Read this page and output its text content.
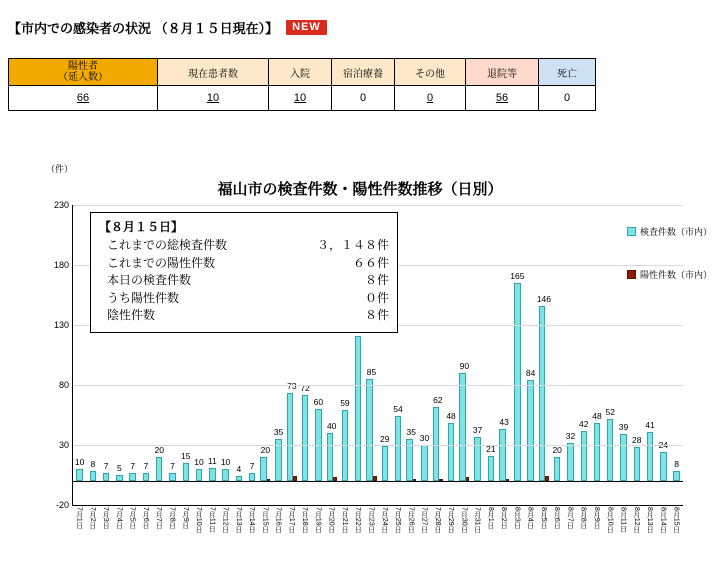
【市内での感染者の状況 （８月１５日現在）】	NEW
陽性者
（延人数）	現在患者数	入院	宿泊療養	その他	退院等	死亡
66	10	10	0	0	56	0
（件）
福山市の検査件数・陽性件数推移（日別）
10 8 7 5 7 7
20
7
15
10 11 10
4 7
20
35
73 72
60
40
59
85
29
54
35
30
62
48
90
37
21
43
165
84
146
20
32
42
48 52
39
28
41
24
8
-20
30
80
130
180
230
7月1日 7月2日 7月3日 7月4日 7月5日 7月6日 7月7日 7月8日 7月9日 7月10日 7月11日 7月12日 7月13日 7月14日 7月15日 7月16日 7月17日 7月18日 7月19日 7月20日 7月21日 7月22日 7月23日 7月24日 7月25日 7月26日 7月27日 7月28日 7月29日 7月30日 7月31日 8月1日 8月2日 8月3日 8月4日 8月5日 8月6日 8月7日 8月8日 8月9日 8月10日 8月11日 8月12日 8月13日 8月14日 8月15日
検査件数（市内）
陽性件数（市内）
【８月１５日】
これまでの総検査件数	３，１４８件
これまでの陽性件数	６６件
本日の検査件数	８件
うち陽性件数	０件
陰性件数	８件
